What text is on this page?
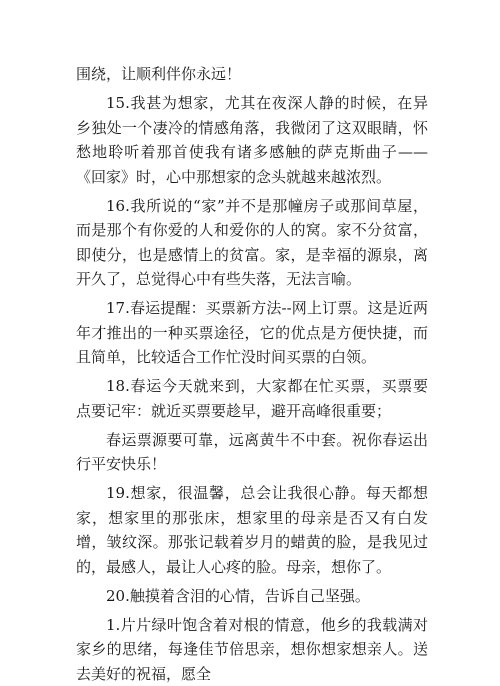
围绕，让顺利伴你永远！

15.我甚为想家，尤其在夜深人静的时候，在异乡独处一个凄冷的情感角落，我微闭了这双眼睛，怀愁地聆听着那首使我有诸多感触的萨克斯曲子——《回家》时，心中那想家的念头就越来越浓烈。

16.我所说的“家”并不是那幢房子或那间草屋，而是那个有你爱的人和爱你的人的窝。家不分贫富，即使分，也是感情上的贫富。家，是幸福的源泉，离开久了，总觉得心中有些失落，无法言喻。

17.春运提醒：买票新方法--网上订票。这是近两年才推出的一种买票途径，它的优点是方便快捷，而且简单，比较适合工作忙没时间买票的白领。

18.春运今天就来到，大家都在忙买票，买票要点要记牢：就近买票要趁早，避开高峰很重要；

春运票源要可靠，远离黄牛不中套。祝你春运出行平安快乐！

19.想家，很温馨，总会让我很心静。每天都想家，想家里的那张床，想家里的母亲是否又有白发增，皱纹深。那张记载着岁月的蜡黄的脸，是我见过的，最感人，最让人心疼的脸。母亲，想你了。

20.触摸着含泪的心情，告诉自己坚强。

1.片片绿叶饱含着对根的情意，他乡的我载满对家乡的思绪，每逢佳节倍思亲，想你想家想亲人。送去美好的祝福，愿全
